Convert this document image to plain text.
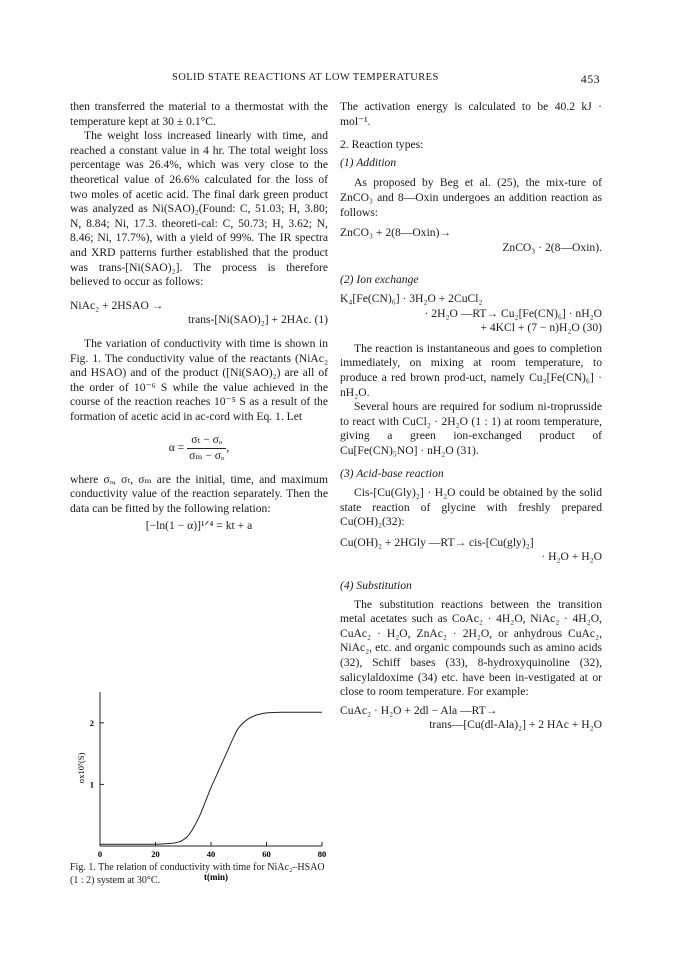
SOLID STATE REACTIONS AT LOW TEMPERATURES	453

then transferred the material to a thermostat with the temperature kept at 30 ± 0.1°C.

The weight loss increased linearly with time, and reached a constant value in 4 hr. The total weight loss percentage was 26.4%, which was very close to the theoretical value of 26.6% calculated for the loss of two moles of acetic acid. The final dark green product was analyzed as Ni(SAO)₂(Found: C, 51.03; H, 3.80; N, 8.84; Ni, 17.3. theoreti-cal: C, 50.73; H, 3.62; N, 8.46; Ni, 17.7%), with a yield of 99%. The IR spectra and XRD patterns further established that the product was trans-[Ni(SAO)₂]. The process is therefore believed to occur as follows:

NiAc₂ + 2HSAO →

trans-[Ni(SAO)₂] + 2HAc. (1)

The variation of conductivity with time is shown in Fig. 1. The conductivity value of the reactants (NiAc₂ and HSAO) and of the product ([Ni(SAO)₂) are all of the order of 10⁻⁶ S while the value achieved in the course of the reaction reaches 10⁻⁵ S as a result of the formation of acetic acid in ac-cord with Eq. 1. Let

$\alpha = \frac{\text{σₜ − σₒ}}{\text{σₘ − σₒ}}$ ,

where σₒ, σₜ, σₘ are the initial, time, and maximum conductivity value of the reaction separately. Then the data can be fitted by the following relation:

[−ln(1 − α)]¹ᐟ⁴ = kt + a

0	20	40	60	80
1
2
t(min)
σx10⁵(S)

Fig. 1. The relation of conductivity with time for NiAc₂–HSAO (1 : 2) system at 30°C.

The activation energy is calculated to be 40.2 kJ · mol⁻¹.

2. Reaction types:

(1) Addition

As proposed by Beg et al. (25), the mix-ture of ZnCO₃ and 8—Oxin undergoes an addition reaction as follows:

ZnCO₃ + 2(8—Oxin)→

ZnCO₃ · 2(8—Oxin).

(2) Ion exchange

K₄[Fe(CN)₆] · 3H₂O + 2CuCl₂

· 2H₂O —RT→ Cu₂[Fe(CN)₆] · nH₂O

+ 4KCl + (7 − n)H₂O (30)

The reaction is instantaneous and goes to completion immediately, on mixing at room temperature, to produce a red brown prod-uct, namely Cu₂[Fe(CN)₆] · nH₂O.

Several hours are required for sodium ni-troprusside to react with CuCl₂ · 2H₂O (1 : 1) at room temperature, giving a green ion-exchanged product of Cu[Fe(CN)₅NO] · nH₂O (31).

(3) Acid-base reaction

Cis-[Cu(Gly)₂] · H₂O could be obtained by the solid state reaction of glycine with freshly prepared Cu(OH)₂(32):

Cu(OH)₂ + 2HGly —RT→ cis-[Cu(gly)₂]

· H₂O + H₂O

(4) Substitution

The substitution reactions between the transition metal acetates such as CoAc₂ · 4H₂O, NiAc₂ · 4H₂O, CuAc₂ · H₂O, ZnAc₂ · 2H₂O, or anhydrous CuAc₂, NiAc₂, etc. and organic compounds such as amino acids (32), Schiff bases (33), 8-hydroxyquinoline (32), salicylaldoxime (34) etc. have been in-vestigated at or close to room temperature. For example:

CuAc₂ · H₂O + 2dl − Ala —RT→

trans—[Cu(dl-Ala)₂] + 2 HAc + H₂O
